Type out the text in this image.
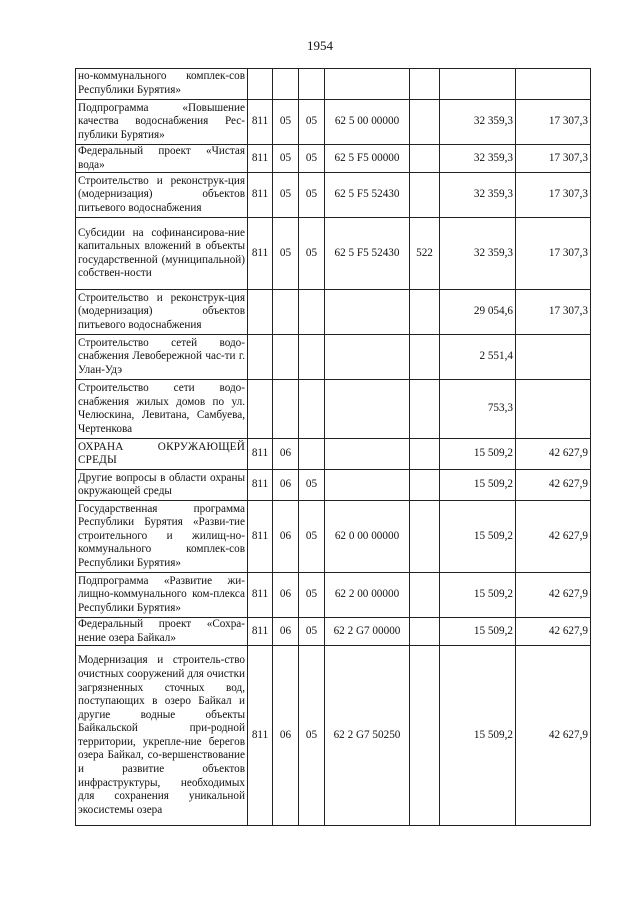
1954
но-коммунального комплек-сов Республики Бурятия»							
Подпрограмма «Повышение качества водоснабжения Рес-публики Бурятия»	811	05	05	62 5 00 00000		32 359,3	17 307,3
Федеральный проект «Чистая вода»	811	05	05	62 5 F5 00000		32 359,3	17 307,3
Строительство и реконструк-ция (модернизация) объектов питьевого водоснабжения	811	05	05	62 5 F5 52430		32 359,3	17 307,3
Субсидии на софинансирова-ние капитальных вложений в объекты государственной (муниципальной) собствен-ности	811	05	05	62 5 F5 52430	522	32 359,3	17 307,3
Строительство и реконструк-ция (модернизация) объектов питьевого водоснабжения						29 054,6	17 307,3
Строительство сетей водо-снабжения Левобережной час-ти г. Улан-Удэ						2 551,4	
Строительство сети водо-снабжения жилых домов по ул. Челюскина, Левитана, Самбуева, Чертенкова						753,3	
ОХРАНА ОКРУЖАЮЩЕЙ СРЕДЫ	811	06				15 509,2	42 627,9
Другие вопросы в области охраны окружающей среды	811	06	05			15 509,2	42 627,9
Государственная программа Республики Бурятия «Разви-тие строительного и жилищ-но-коммунального комплек-сов Республики Бурятия»	811	06	05	62 0 00 00000		15 509,2	42 627,9
Подпрограмма «Развитие жи-лищно-коммунального ком-плекса Республики Бурятия»	811	06	05	62 2 00 00000		15 509,2	42 627,9
Федеральный проект «Сохра-нение озера Байкал»	811	06	05	62 2 G7 00000		15 509,2	42 627,9
Модернизация и строитель-ство очистных сооружений для очистки загрязненных сточных вод, поступающих в озеро Байкал и другие водные объекты Байкальской при-родной территории, укрепле-ние берегов озера Байкал, со-вершенствование и развитие объектов инфраструктуры, необходимых для сохранения уникальной экосистемы озера	811	06	05	62 2 G7 50250		15 509,2	42 627,9
